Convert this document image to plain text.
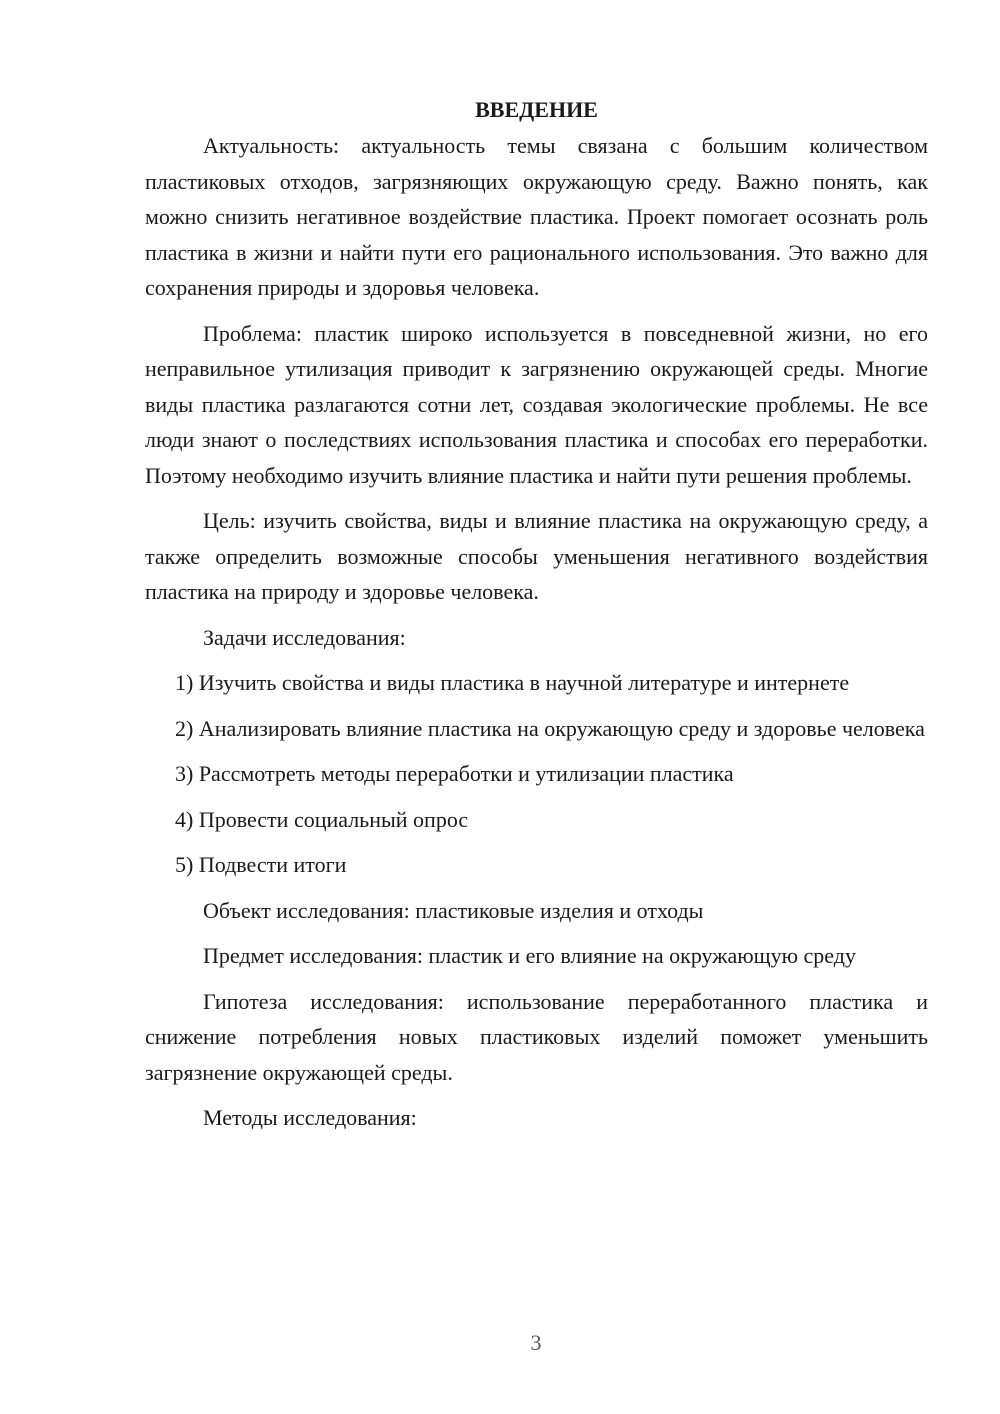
ВВЕДЕНИЕ

Актуальность: актуальность темы связана с большим количеством пластиковых отходов, загрязняющих окружающую среду. Важно понять, как можно снизить негативное воздействие пластика. Проект помогает осознать роль пластика в жизни и найти пути его рационального использования. Это важно для сохранения природы и здоровья человека.

Проблема: пластик широко используется в повседневной жизни, но его неправильное утилизация приводит к загрязнению окружающей среды. Многие виды пластика разлагаются сотни лет, создавая экологические проблемы. Не все люди знают о последствиях использования пластика и способах его переработки. Поэтому необходимо изучить влияние пластика и найти пути решения проблемы.

Цель: изучить свойства, виды и влияние пластика на окружающую среду, а также определить возможные способы уменьшения негативного воздействия пластика на природу и здоровье человека.

Задачи исследования:

1) Изучить свойства и виды пластика в научной литературе и интернете

2) Анализировать влияние пластика на окружающую среду и здоровье человека

3) Рассмотреть методы переработки и утилизации пластика

4) Провести социальный опрос

5) Подвести итоги

Объект исследования: пластиковые изделия и отходы

Предмет исследования: пластик и его влияние на окружающую среду

Гипотеза исследования: использование переработанного пластика и снижение потребления новых пластиковых изделий поможет уменьшить загрязнение окружающей среды.

Методы исследования:

3
